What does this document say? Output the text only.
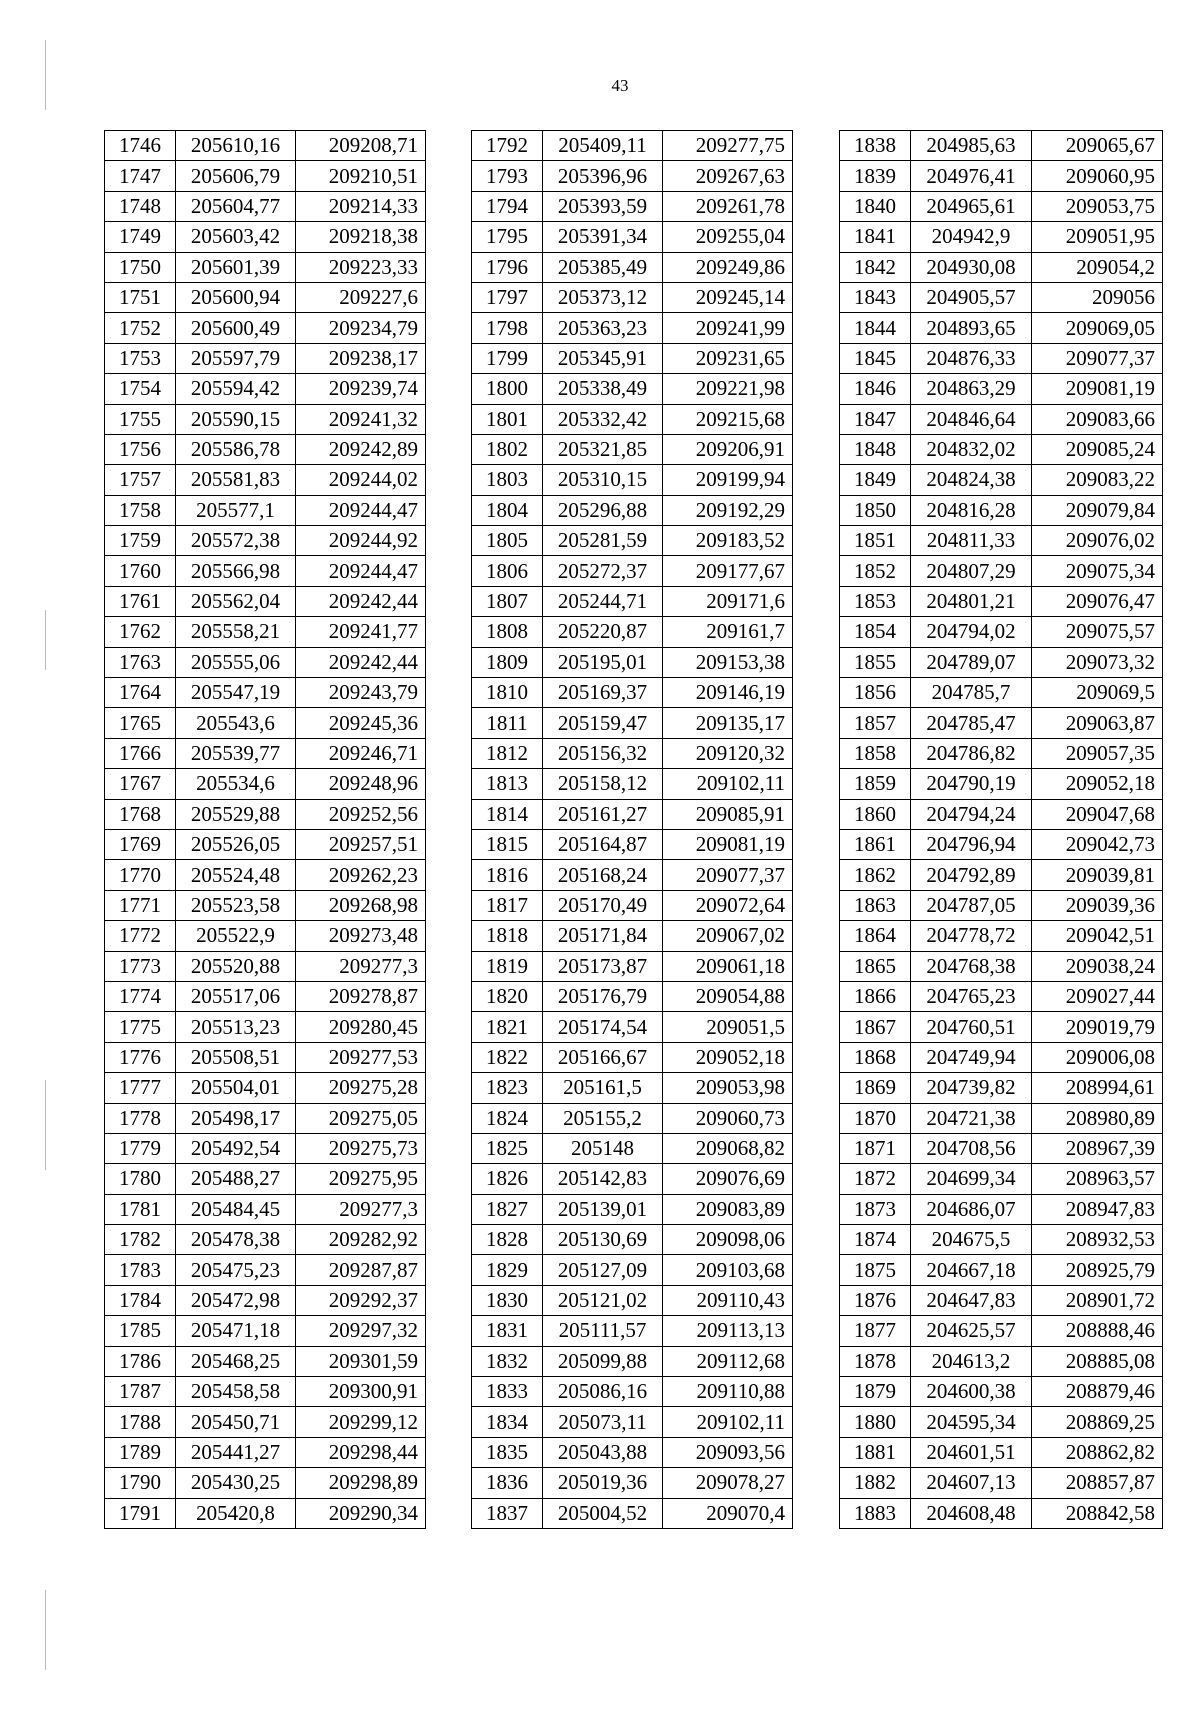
43
1746	205610,16	209208,71
1747	205606,79	209210,51
1748	205604,77	209214,33
1749	205603,42	209218,38
1750	205601,39	209223,33
1751	205600,94	209227,6
1752	205600,49	209234,79
1753	205597,79	209238,17
1754	205594,42	209239,74
1755	205590,15	209241,32
1756	205586,78	209242,89
1757	205581,83	209244,02
1758	205577,1	209244,47
1759	205572,38	209244,92
1760	205566,98	209244,47
1761	205562,04	209242,44
1762	205558,21	209241,77
1763	205555,06	209242,44
1764	205547,19	209243,79
1765	205543,6	209245,36
1766	205539,77	209246,71
1767	205534,6	209248,96
1768	205529,88	209252,56
1769	205526,05	209257,51
1770	205524,48	209262,23
1771	205523,58	209268,98
1772	205522,9	209273,48
1773	205520,88	209277,3
1774	205517,06	209278,87
1775	205513,23	209280,45
1776	205508,51	209277,53
1777	205504,01	209275,28
1778	205498,17	209275,05
1779	205492,54	209275,73
1780	205488,27	209275,95
1781	205484,45	209277,3
1782	205478,38	209282,92
1783	205475,23	209287,87
1784	205472,98	209292,37
1785	205471,18	209297,32
1786	205468,25	209301,59
1787	205458,58	209300,91
1788	205450,71	209299,12
1789	205441,27	209298,44
1790	205430,25	209298,89
1791	205420,8	209290,34
1792	205409,11	209277,75
1793	205396,96	209267,63
1794	205393,59	209261,78
1795	205391,34	209255,04
1796	205385,49	209249,86
1797	205373,12	209245,14
1798	205363,23	209241,99
1799	205345,91	209231,65
1800	205338,49	209221,98
1801	205332,42	209215,68
1802	205321,85	209206,91
1803	205310,15	209199,94
1804	205296,88	209192,29
1805	205281,59	209183,52
1806	205272,37	209177,67
1807	205244,71	209171,6
1808	205220,87	209161,7
1809	205195,01	209153,38
1810	205169,37	209146,19
1811	205159,47	209135,17
1812	205156,32	209120,32
1813	205158,12	209102,11
1814	205161,27	209085,91
1815	205164,87	209081,19
1816	205168,24	209077,37
1817	205170,49	209072,64
1818	205171,84	209067,02
1819	205173,87	209061,18
1820	205176,79	209054,88
1821	205174,54	209051,5
1822	205166,67	209052,18
1823	205161,5	209053,98
1824	205155,2	209060,73
1825	205148	209068,82
1826	205142,83	209076,69
1827	205139,01	209083,89
1828	205130,69	209098,06
1829	205127,09	209103,68
1830	205121,02	209110,43
1831	205111,57	209113,13
1832	205099,88	209112,68
1833	205086,16	209110,88
1834	205073,11	209102,11
1835	205043,88	209093,56
1836	205019,36	209078,27
1837	205004,52	209070,4
1838	204985,63	209065,67
1839	204976,41	209060,95
1840	204965,61	209053,75
1841	204942,9	209051,95
1842	204930,08	209054,2
1843	204905,57	209056
1844	204893,65	209069,05
1845	204876,33	209077,37
1846	204863,29	209081,19
1847	204846,64	209083,66
1848	204832,02	209085,24
1849	204824,38	209083,22
1850	204816,28	209079,84
1851	204811,33	209076,02
1852	204807,29	209075,34
1853	204801,21	209076,47
1854	204794,02	209075,57
1855	204789,07	209073,32
1856	204785,7	209069,5
1857	204785,47	209063,87
1858	204786,82	209057,35
1859	204790,19	209052,18
1860	204794,24	209047,68
1861	204796,94	209042,73
1862	204792,89	209039,81
1863	204787,05	209039,36
1864	204778,72	209042,51
1865	204768,38	209038,24
1866	204765,23	209027,44
1867	204760,51	209019,79
1868	204749,94	209006,08
1869	204739,82	208994,61
1870	204721,38	208980,89
1871	204708,56	208967,39
1872	204699,34	208963,57
1873	204686,07	208947,83
1874	204675,5	208932,53
1875	204667,18	208925,79
1876	204647,83	208901,72
1877	204625,57	208888,46
1878	204613,2	208885,08
1879	204600,38	208879,46
1880	204595,34	208869,25
1881	204601,51	208862,82
1882	204607,13	208857,87
1883	204608,48	208842,58
